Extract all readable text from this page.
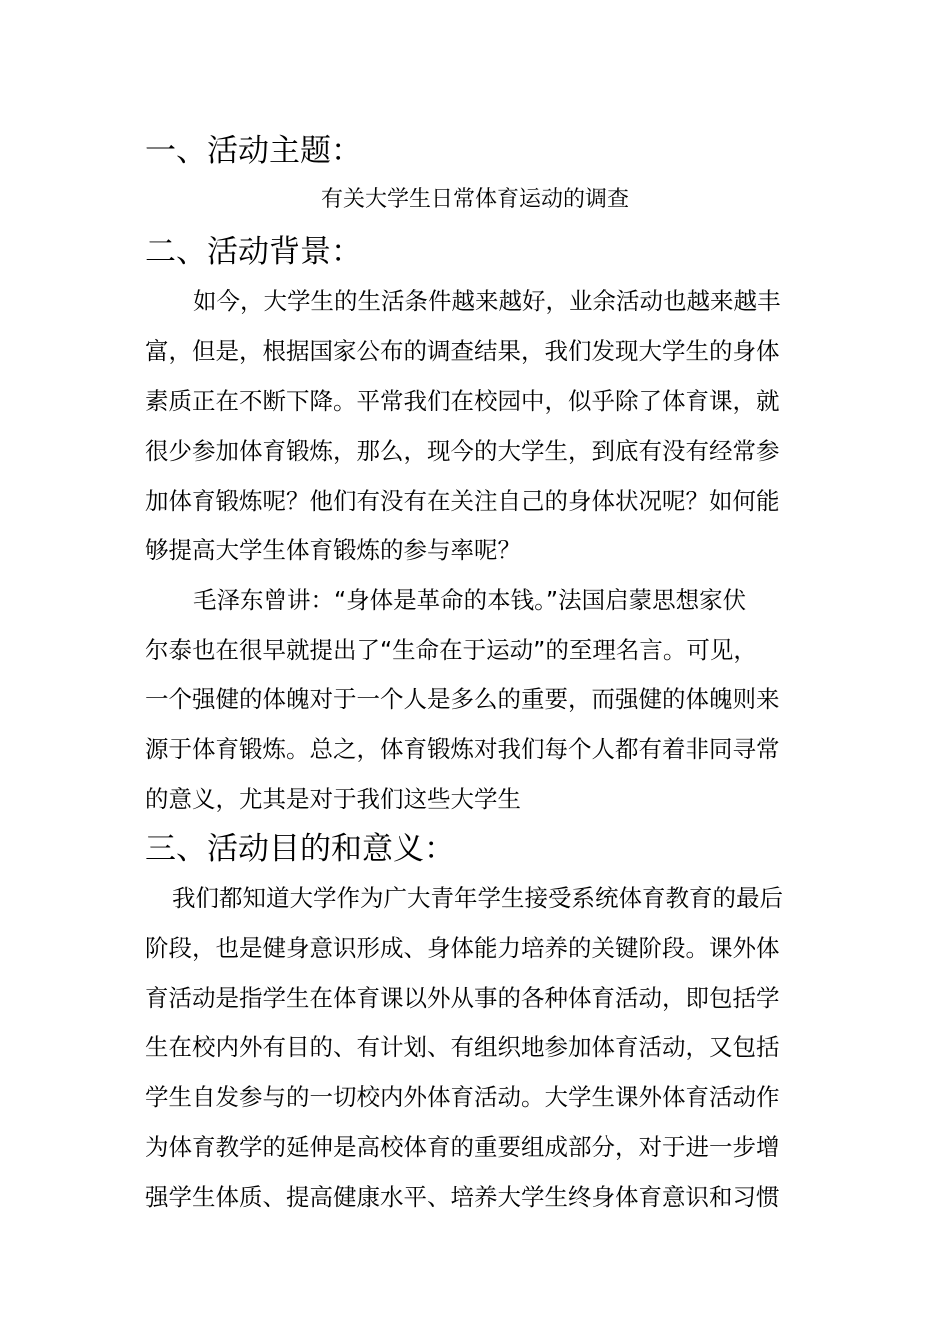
一、活动主题：
有关大学生日常体育运动的调查
二、活动背景：
如今，大学生的生活条件越来越好，业余活动也越来越丰
富，但是，根据国家公布的调查结果，我们发现大学生的身体
素质正在不断下降。平常我们在校园中，似乎除了体育课，就
很少参加体育锻炼，那么，现今的大学生，到底有没有经常参
加体育锻炼呢？他们有没有在关注自己的身体状况呢？如何能
够提高大学生体育锻炼的参与率呢？
毛泽东曾讲：“身体是革命的本钱。”法国启蒙思想家伏
尔泰也在很早就提出了“生命在于运动”的至理名言。可见，
一个强健的体魄对于一个人是多么的重要，而强健的体魄则来
源于体育锻炼。总之，体育锻炼对我们每个人都有着非同寻常
的意义，尤其是对于我们这些大学生
三、活动目的和意义：
我们都知道大学作为广大青年学生接受系统体育教育的最后
阶段，也是健身意识形成、身体能力培养的关键阶段。课外体
育活动是指学生在体育课以外从事的各种体育活动，即包括学
生在校内外有目的、有计划、有组织地参加体育活动，又包括
学生自发参与的一切校内外体育活动。大学生课外体育活动作
为体育教学的延伸是高校体育的重要组成部分，对于进一步增
强学生体质、提高健康水平、培养大学生终身体育意识和习惯
